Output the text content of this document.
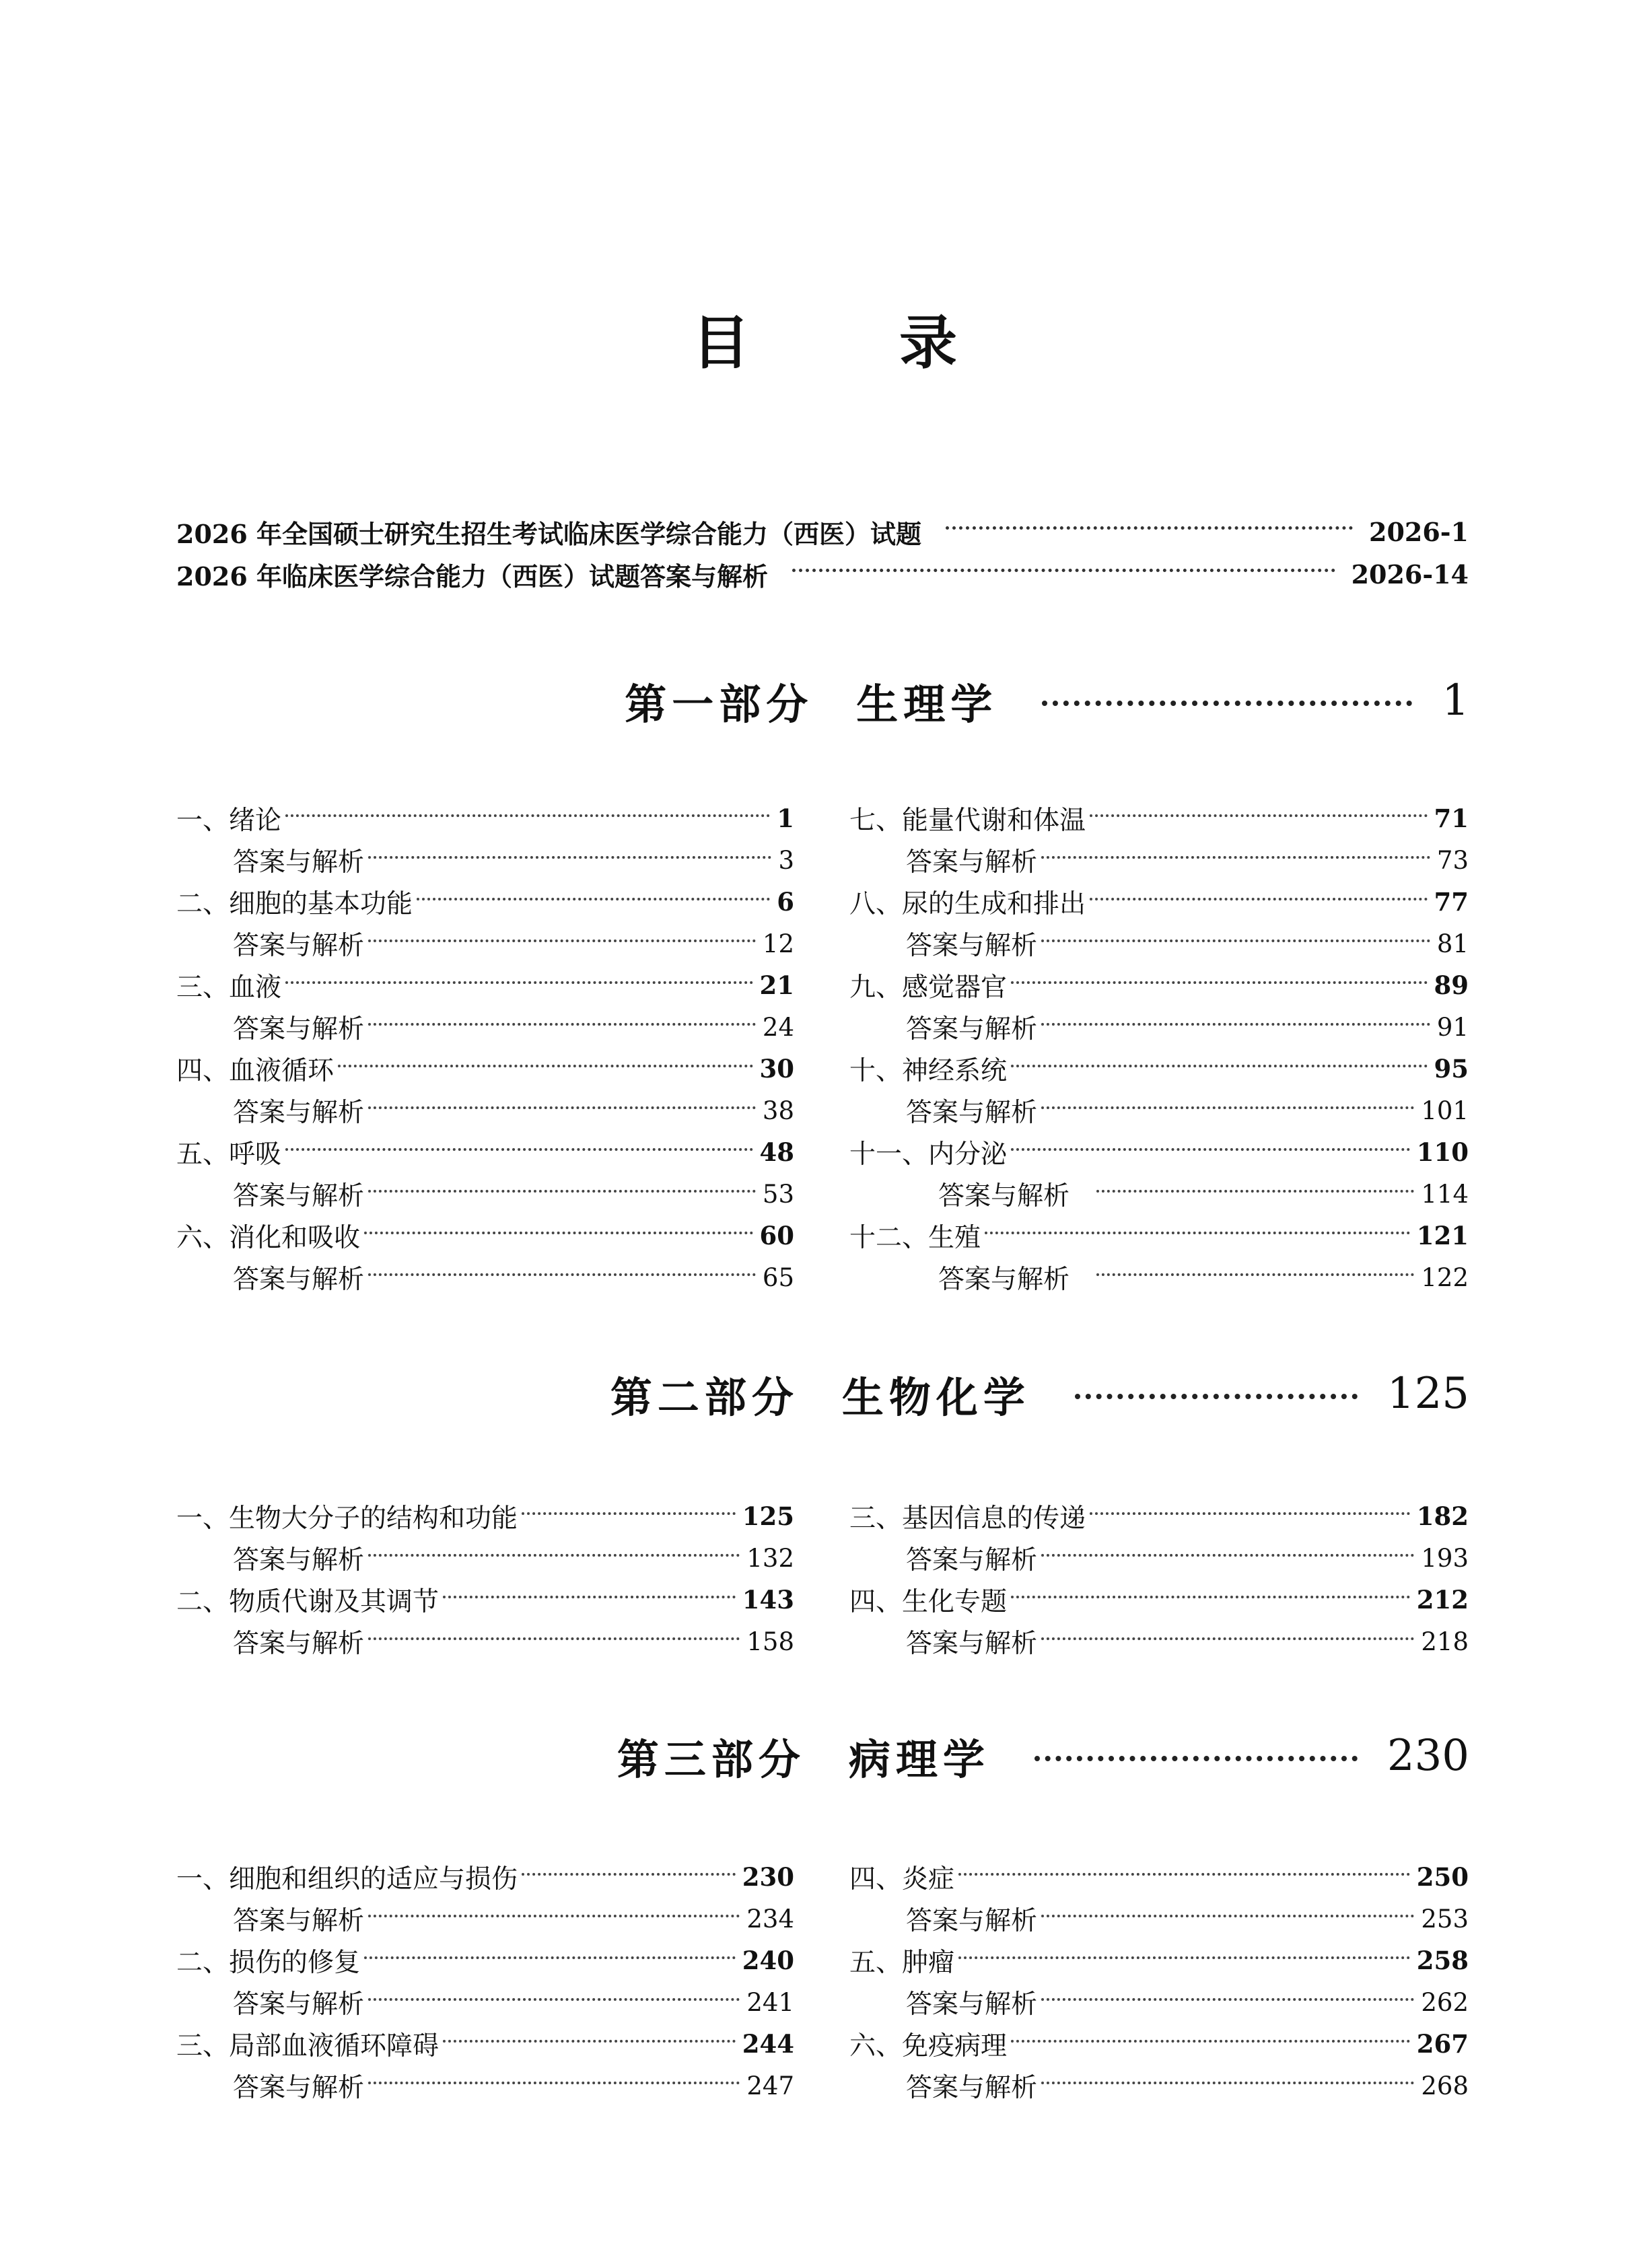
目 录
2026 年全国硕士研究生招生考试临床医学综合能力（西医）试题	2026-1
2026 年临床医学综合能力（西医）试题答案与解析	2026-14
第一部分 生理学	1
一、绪论	1
答案与解析	3
二、细胞的基本功能	6
答案与解析	12
三、血液	21
答案与解析	24
四、血液循环	30
答案与解析	38
五、呼吸	48
答案与解析	53
六、消化和吸收	60
答案与解析	65
七、能量代谢和体温	71
答案与解析	73
八、尿的生成和排出	77
答案与解析	81
九、感觉器官	89
答案与解析	91
十、神经系统	95
答案与解析	101
十一、内分泌	110
答案与解析	114
十二、生殖	121
答案与解析	122
第二部分 生物化学	125
一、生物大分子的结构和功能	125
答案与解析	132
二、物质代谢及其调节	143
答案与解析	158
三、基因信息的传递	182
答案与解析	193
四、生化专题	212
答案与解析	218
第三部分 病理学	230
一、细胞和组织的适应与损伤	230
答案与解析	234
二、损伤的修复	240
答案与解析	241
三、局部血液循环障碍	244
答案与解析	247
四、炎症	250
答案与解析	253
五、肿瘤	258
答案与解析	262
六、免疫病理	267
答案与解析	268
